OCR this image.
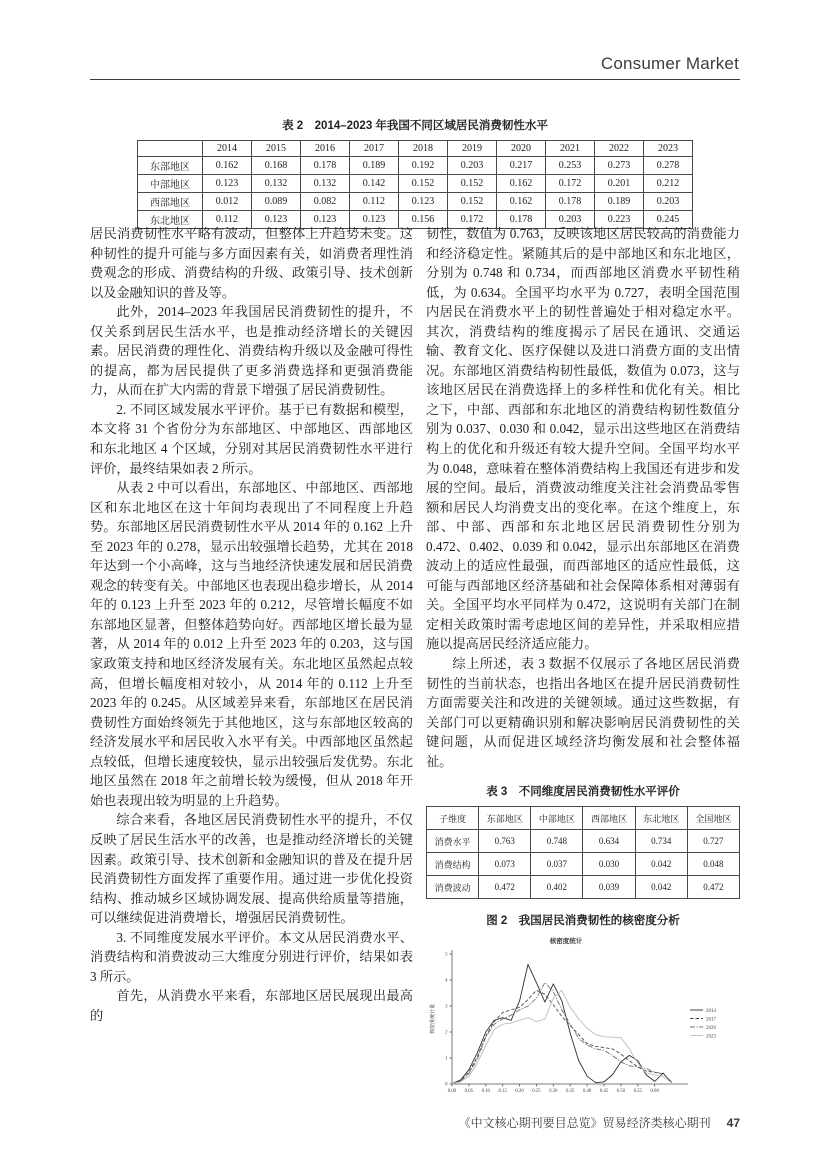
Consumer Market
表 2　2014–2023 年我国不同区域居民消费韧性水平
	2014	2015	2016	2017	2018	2019	2020	2021	2022	2023
东部地区	0.162	0.168	0.178	0.189	0.192	0.203	0.217	0.253	0.273	0.278
中部地区	0.123	0.132	0.132	0.142	0.152	0.152	0.162	0.172	0.201	0.212
西部地区	0.012	0.089	0.082	0.112	0.123	0.152	0.162	0.178	0.189	0.203
东北地区	0.112	0.123	0.123	0.123	0.156	0.172	0.178	0.203	0.223	0.245

居民消费韧性水平略有波动，但整体上升趋势未变。这种韧性的提升可能与多方面因素有关，如消费者理性消费观念的形成、消费结构的升级、政策引导、技术创新以及金融知识的普及等。

此外，2014–2023 年我国居民消费韧性的提升，不仅关系到居民生活水平，也是推动经济增长的关键因素。居民消费的理性化、消费结构升级以及金融可得性的提高，都为居民提供了更多消费选择和更强消费能力，从而在扩大内需的背景下增强了居民消费韧性。

2. 不同区域发展水平评价。基于已有数据和模型，本文将 31 个省份分为东部地区、中部地区、西部地区和东北地区 4 个区域，分别对其居民消费韧性水平进行评价，最终结果如表 2 所示。

从表 2 中可以看出，东部地区、中部地区、西部地区和东北地区在这十年间均表现出了不同程度上升趋势。东部地区居民消费韧性水平从 2014 年的 0.162 上升至 2023 年的 0.278，显示出较强增长趋势，尤其在 2018 年达到一个小高峰，这与当地经济快速发展和居民消费观念的转变有关。中部地区也表现出稳步增长，从 2014 年的 0.123 上升至 2023 年的 0.212，尽管增长幅度不如东部地区显著，但整体趋势向好。西部地区增长最为显著，从 2014 年的 0.012 上升至 2023 年的 0.203，这与国家政策支持和地区经济发展有关。东北地区虽然起点较高，但增长幅度相对较小，从 2014 年的 0.112 上升至 2023 年的 0.245。从区域差异来看，东部地区在居民消费韧性方面始终领先于其他地区，这与东部地区较高的经济发展水平和居民收入水平有关。中西部地区虽然起点较低，但增长速度较快，显示出较强后发优势。东北地区虽然在 2018 年之前增长较为缓慢，但从 2018 年开始也表现出较为明显的上升趋势。

综合来看，各地区居民消费韧性水平的提升，不仅反映了居民生活水平的改善，也是推动经济增长的关键因素。政策引导、技术创新和金融知识的普及在提升居民消费韧性方面发挥了重要作用。通过进一步优化投资结构、推动城乡区域协调发展、提高供给质量等措施，可以继续促进消费增长，增强居民消费韧性。

3. 不同维度发展水平评价。本文从居民消费水平、消费结构和消费波动三大维度分别进行评价，结果如表 3 所示。

首先，从消费水平来看，东部地区居民展现出最高的

韧性，数值为 0.763，反映该地区居民较高的消费能力和经济稳定性。紧随其后的是中部地区和东北地区，分别为 0.748 和 0.734，而西部地区消费水平韧性稍低，为 0.634。全国平均水平为 0.727，表明全国范围内居民在消费水平上的韧性普遍处于相对稳定水平。其次，消费结构的维度揭示了居民在通讯、交通运输、教育文化、医疗保健以及进口消费方面的支出情况。东部地区消费结构韧性最低，数值为 0.073，这与该地区居民在消费选择上的多样性和优化有关。相比之下，中部、西部和东北地区的消费结构韧性数值分别为 0.037、0.030 和 0.042，显示出这些地区在消费结构上的优化和升级还有较大提升空间。全国平均水平为 0.048，意味着在整体消费结构上我国还有进步和发展的空间。最后，消费波动维度关注社会消费品零售额和居民人均消费支出的变化率。在这个维度上，东部、中部、西部和东北地区居民消费韧性分别为 0.472、0.402、0.039 和 0.042，显示出东部地区在消费波动上的适应性最强，而西部地区的适应性最低，这可能与西部地区经济基础和社会保障体系相对薄弱有关。全国平均水平同样为 0.472，这说明有关部门在制定相关政策时需考虑地区间的差异性，并采取相应措施以提高居民经济适应能力。

综上所述，表 3 数据不仅展示了各地区居民消费韧性的当前状态，也指出各地区在提升居民消费韧性方面需要关注和改进的关键领域。通过这些数据，有关部门可以更精确识别和解决影响居民消费韧性的关键问题，从而促进区域经济均衡发展和社会整体福祉。

表 3　不同维度居民消费韧性水平评价
子维度	东部地区	中部地区	西部地区	东北地区	全国地区
消费水平	0.763	0.748	0.634	0.734	0.727
消费结构	0.073	0.037	0.030	0.042	0.048
消费波动	0.472	0.402	0.039	0.042	0.472
图 2　我国居民消费韧性的核密度分析
0
1
2
3
4
5
0.00 0.05 0.10 0.15 0.20 0.25 0.30 0.35 0.40 0.45 0.50 0.55 0.60
核密度统计
核密度统计量	2014
2017
2020
2023
《中文核心期刊要目总览》贸易经济类核心期刊 47
